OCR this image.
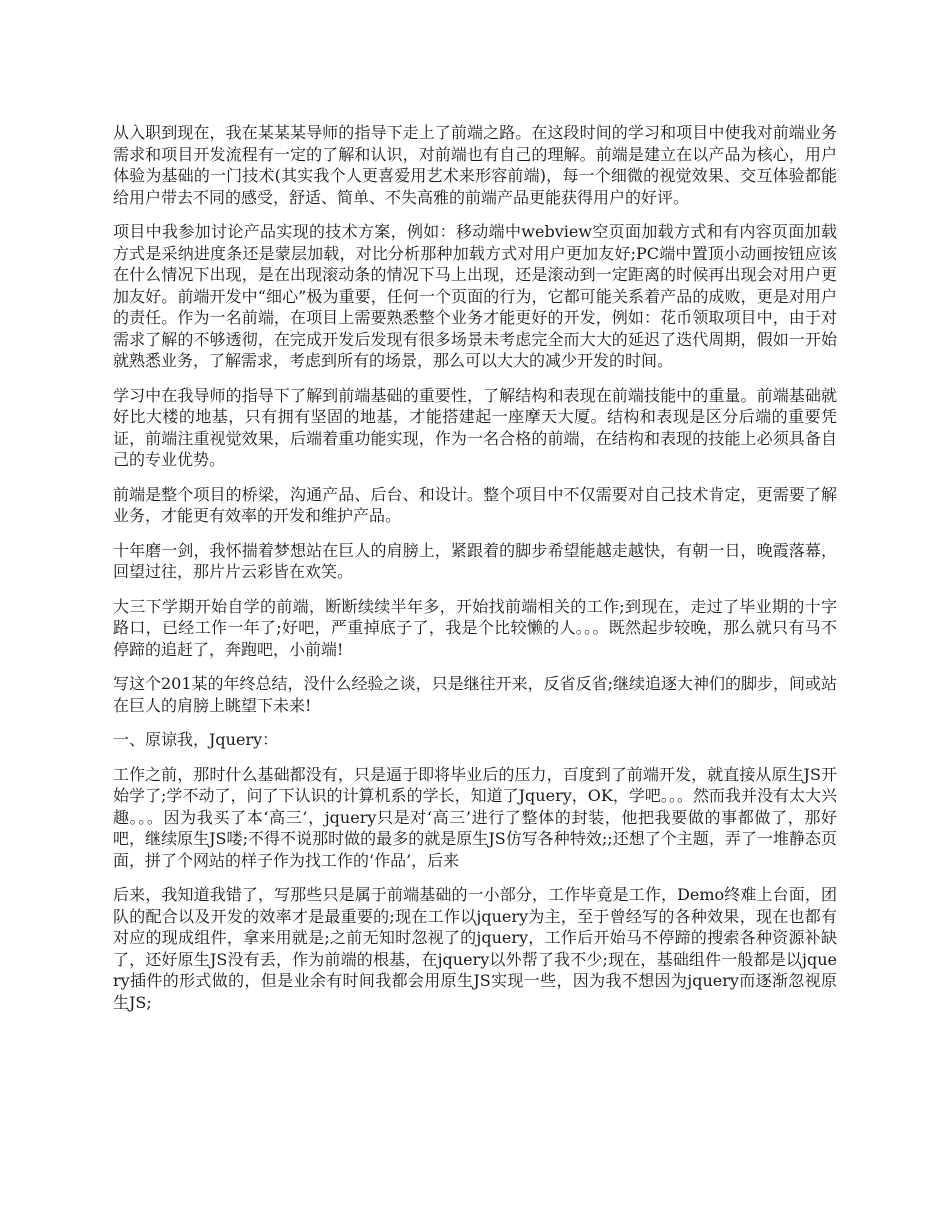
从入职到现在，我在某某某导师的指导下走上了前端之路。在这段时间的学习和项目中使我对前端业务需求和项目开发流程有一定的了解和认识，对前端也有自己的理解。前端是建立在以产品为核心，用户体验为基础的一门技术(其实我个人更喜爱用艺术来形容前端)，每一个细微的视觉效果、交互体验都能给用户带去不同的感受，舒适、简单、不失高雅的前端产品更能获得用户的好评。

项目中我参加讨论产品实现的技术方案，例如：移动端中webview空页面加载方式和有内容页面加载方式是采纳进度条还是蒙层加载，对比分析那种加载方式对用户更加友好;PC端中置顶小动画按钮应该在什么情况下出现，是在出现滚动条的情况下马上出现，还是滚动到一定距离的时候再出现会对用户更加友好。前端开发中“细心”极为重要，任何一个页面的行为，它都可能关系着产品的成败，更是对用户的责任。作为一名前端，在项目上需要熟悉整个业务才能更好的开发，例如：花币领取项目中，由于对需求了解的不够透彻，在完成开发后发现有很多场景未考虑完全而大大的延迟了迭代周期，假如一开始就熟悉业务，了解需求，考虑到所有的场景，那么可以大大的减少开发的时间。

学习中在我导师的指导下了解到前端基础的重要性，了解结构和表现在前端技能中的重量。前端基础就好比大楼的地基，只有拥有坚固的地基，才能搭建起一座摩天大厦。结构和表现是区分后端的重要凭证，前端注重视觉效果，后端着重功能实现，作为一名合格的前端，在结构和表现的技能上必须具备自己的专业优势。

前端是整个项目的桥梁，沟通产品、后台、和设计。整个项目中不仅需要对自己技术肯定，更需要了解业务，才能更有效率的开发和维护产品。

十年磨一剑，我怀揣着梦想站在巨人的肩膀上，紧跟着的脚步希望能越走越快，有朝一日，晚霞落幕，回望过往，那片片云彩皆在欢笑。

大三下学期开始自学的前端，断断续续半年多，开始找前端相关的工作;到现在，走过了毕业期的十字路口，已经工作一年了;好吧，严重掉底子了，我是个比较懒的人。。。既然起步较晚，那么就只有马不停蹄的追赶了，奔跑吧，小前端!

写这个201某的年终总结，没什么经验之谈，只是继往开来，反省反省;继续追逐大神们的脚步，间或站在巨人的肩膀上眺望下未来!

一、原谅我，Jquery：

工作之前，那时什么基础都没有，只是逼于即将毕业后的压力，百度到了前端开发，就直接从原生JS开始学了;学不动了，问了下认识的计算机系的学长，知道了Jquery，OK，学吧。。。然而我并没有太大兴趣。。。因为我买了本‘高三’，jquery只是对‘高三’进行了整体的封装，他把我要做的事都做了，那好吧，继续原生JS喽;不得不说那时做的最多的就是原生JS仿写各种特效;;还想了个主题，弄了一堆静态页面，拼了个网站的样子作为找工作的‘作品’，后来

后来，我知道我错了，写那些只是属于前端基础的一小部分，工作毕竟是工作，Demo终难上台面，团队的配合以及开发的效率才是最重要的;现在工作以jquery为主，至于曾经写的各种效果，现在也都有对应的现成组件，拿来用就是;之前无知时忽视了的jquery，工作后开始马不停蹄的搜索各种资源补缺了，还好原生JS没有丢，作为前端的根基，在jquery以外帮了我不少;现在，基础组件一般都是以jquery插件的形式做的，但是业余有时间我都会用原生JS实现一些，因为我不想因为jquery而逐渐忽视原生JS;
